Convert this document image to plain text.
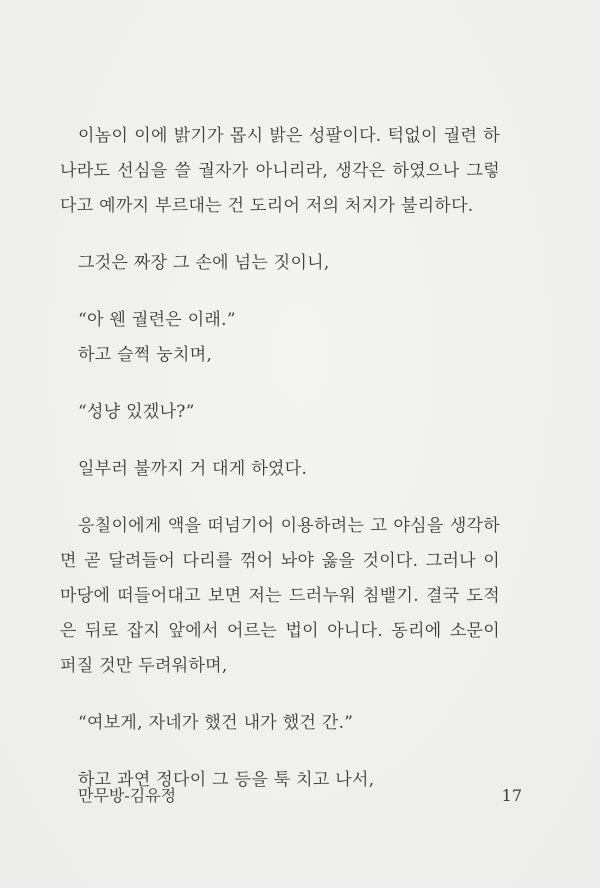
이놈이 이에 밝기가 몹시 밝은 성팔이다. 턱없이 궐련 하나라도 선심을 쓸 궐자가 아니리라, 생각은 하였으나 그렇다고 예까지 부르대는 건 도리어 저의 처지가 불리하다.

그것은 짜장 그 손에 넘는 짓이니,

“아 웬 궐련은 이래.”

하고 슬쩍 눙치며,

“성냥 있겠나?”

일부러 불까지 거 대게 하였다.

응칠이에게 액을 떠넘기어 이용하려는 고 야심을 생각하면 곧 달려들어 다리를 꺾어 놔야 옳을 것이다. 그러나 이 마당에 떠들어대고 보면 저는 드러누워 침뱉기. 결국 도적은 뒤로 잡지 앞에서 어르는 법이 아니다. 동리에 소문이 퍼질 것만 두려워하며,

“여보게, 자네가 했건 내가 했건 간.”

하고 과연 정다이 그 등을 툭 치고 나서,

만무방-김유정	17
